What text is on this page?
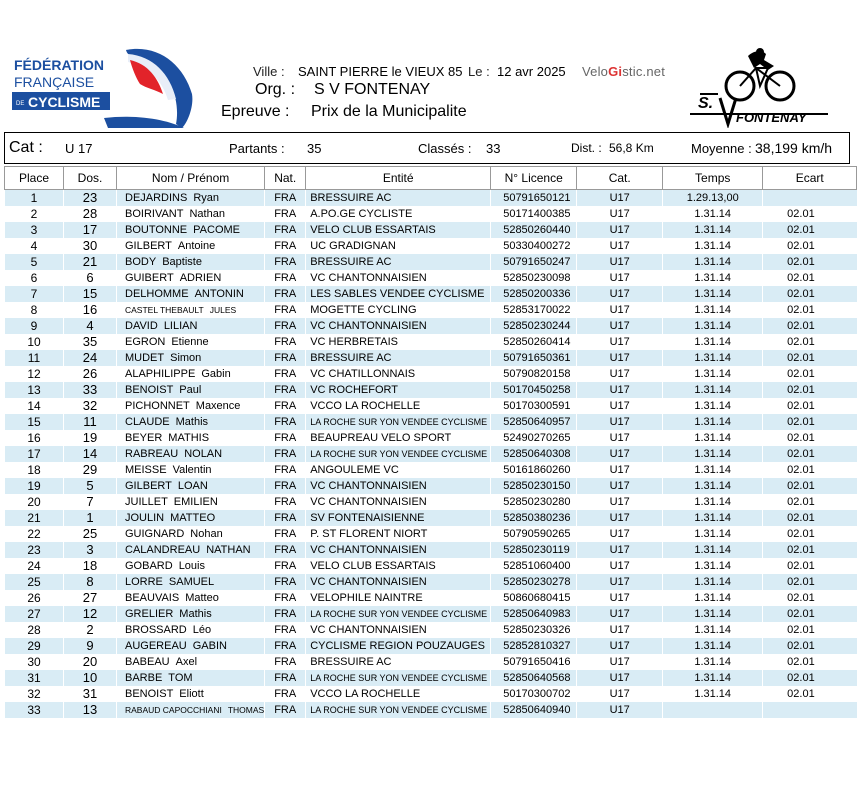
FÉDÉRATION
FRANÇAISE
DE CYCLISME
Ville : SAINT PIERRE le VIEUX 85 Le : 12 avr 2025 VeloGistic.net
Org. : S V FONTENAY
Epreuve : Prix de la Municipalite	S.
FONTENAY
Cat : U 17	Partants : 35	Classés : 33	Dist. : 56,8 Km	Moyenne : 38,199 km/h
Place	Dos.	Nom / Prénom	Nat.	Entité	N° Licence	Cat.	Temps	Ecart
1	23	DEJARDINS Ryan	FRA	BRESSUIRE AC	50791650121	U17	1.29.13,00	
2	28	BOIRIVANT Nathan	FRA	A.PO.GE CYCLISTE	50171400385	U17	1.31.14	02.01
3	17	BOUTONNE PACOME	FRA	VELO CLUB ESSARTAIS	52850260440	U17	1.31.14	02.01
4	30	GILBERT Antoine	FRA	UC GRADIGNAN	50330400272	U17	1.31.14	02.01
5	21	BODY Baptiste	FRA	BRESSUIRE AC	50791650247	U17	1.31.14	02.01
6	6	GUIBERT ADRIEN	FRA	VC CHANTONNAISIEN	52850230098	U17	1.31.14	02.01
7	15	DELHOMME ANTONIN	FRA	LES SABLES VENDEE CYCLISME	52850200336	U17	1.31.14	02.01
8	16	CASTEL THEBAULT JULES	FRA	MOGETTE CYCLING	52853170022	U17	1.31.14	02.01
9	4	DAVID LILIAN	FRA	VC CHANTONNAISIEN	52850230244	U17	1.31.14	02.01
10	35	EGRON Etienne	FRA	VC HERBRETAIS	52850260414	U17	1.31.14	02.01
11	24	MUDET Simon	FRA	BRESSUIRE AC	50791650361	U17	1.31.14	02.01
12	26	ALAPHILIPPE Gabin	FRA	VC CHATILLONNAIS	50790820158	U17	1.31.14	02.01
13	33	BENOIST Paul	FRA	VC ROCHEFORT	50170450258	U17	1.31.14	02.01
14	32	PICHONNET Maxence	FRA	VCCO LA ROCHELLE	50170300591	U17	1.31.14	02.01
15	11	CLAUDE Mathis	FRA	LA ROCHE SUR YON VENDEE CYCLISME	52850640957	U17	1.31.14	02.01
16	19	BEYER MATHIS	FRA	BEAUPREAU VELO SPORT	52490270265	U17	1.31.14	02.01
17	14	RABREAU NOLAN	FRA	LA ROCHE SUR YON VENDEE CYCLISME	52850640308	U17	1.31.14	02.01
18	29	MEISSE Valentin	FRA	ANGOULEME VC	50161860260	U17	1.31.14	02.01
19	5	GILBERT LOAN	FRA	VC CHANTONNAISIEN	52850230150	U17	1.31.14	02.01
20	7	JUILLET EMILIEN	FRA	VC CHANTONNAISIEN	52850230280	U17	1.31.14	02.01
21	1	JOULIN MATTEO	FRA	SV FONTENAISIENNE	52850380236	U17	1.31.14	02.01
22	25	GUIGNARD Nohan	FRA	P. ST FLORENT NIORT	50790590265	U17	1.31.14	02.01
23	3	CALANDREAU NATHAN	FRA	VC CHANTONNAISIEN	52850230119	U17	1.31.14	02.01
24	18	GOBARD Louis	FRA	VELO CLUB ESSARTAIS	52851060400	U17	1.31.14	02.01
25	8	LORRE SAMUEL	FRA	VC CHANTONNAISIEN	52850230278	U17	1.31.14	02.01
26	27	BEAUVAIS Matteo	FRA	VELOPHILE NAINTRE	50860680415	U17	1.31.14	02.01
27	12	GRELIER Mathis	FRA	LA ROCHE SUR YON VENDEE CYCLISME	52850640983	U17	1.31.14	02.01
28	2	BROSSARD Léo	FRA	VC CHANTONNAISIEN	52850230326	U17	1.31.14	02.01
29	9	AUGEREAU GABIN	FRA	CYCLISME REGION POUZAUGES	52852810327	U17	1.31.14	02.01
30	20	BABEAU Axel	FRA	BRESSUIRE AC	50791650416	U17	1.31.14	02.01
31	10	BARBE TOM	FRA	LA ROCHE SUR YON VENDEE CYCLISME	52850640568	U17	1.31.14	02.01
32	31	BENOIST Eliott	FRA	VCCO LA ROCHELLE	50170300702	U17	1.31.14	02.01
33	13	RABAUD CAPOCCHIANI THOMAS	FRA	LA ROCHE SUR YON VENDEE CYCLISME	52850640940	U17		
